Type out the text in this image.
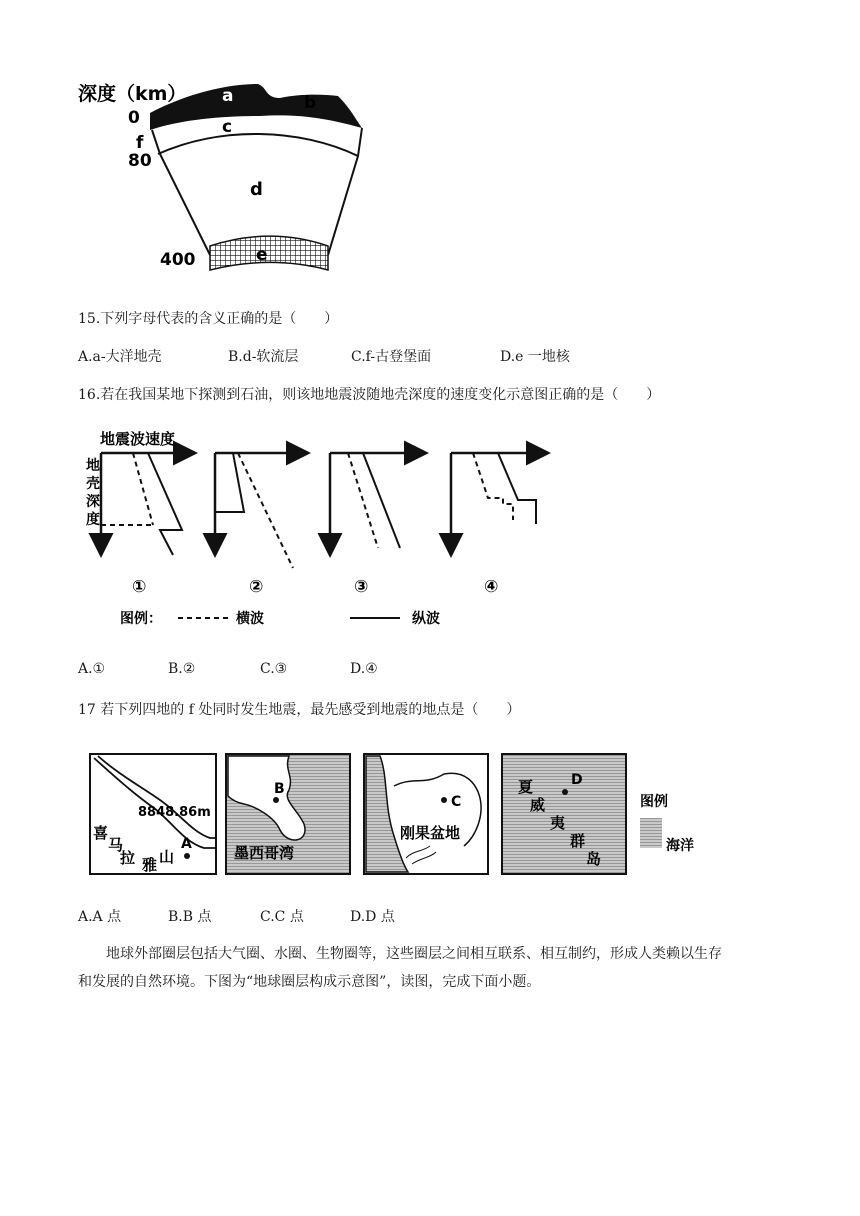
深度（km）
0
f
80
400
a	b
c
d
e
15.下列字母代表的含义正确的是（　　）
A.a-大洋地壳	B.d-软流层	C.f-古登堡面	D.e 一地核
16.若在我国某地下探测到石油，则该地地震波随地壳深度的速度变化示意图正确的是（　　）
地震波速度
地
壳
深
度
①	②	③	④
图例：	横波	纵波
A.①	B.②	C.③	D.④
17 若下列四地的 f 处同时发生地震，最先感受到地震的地点是（　　）
8848.86m
喜
马
拉 雅 山
A
B
墨西哥湾
C
刚果盆地
D
夏
威
夷
群
岛
图例
海洋
A.A 点	B.B 点	C.C 点	D.D 点
地球外部圈层包括大气圈、水圈、生物圈等，这些圈层之间相互联系、相互制约，形成人类赖以生存
和发展的自然环境。下图为“地球圈层构成示意图”，读图，完成下面小题。
